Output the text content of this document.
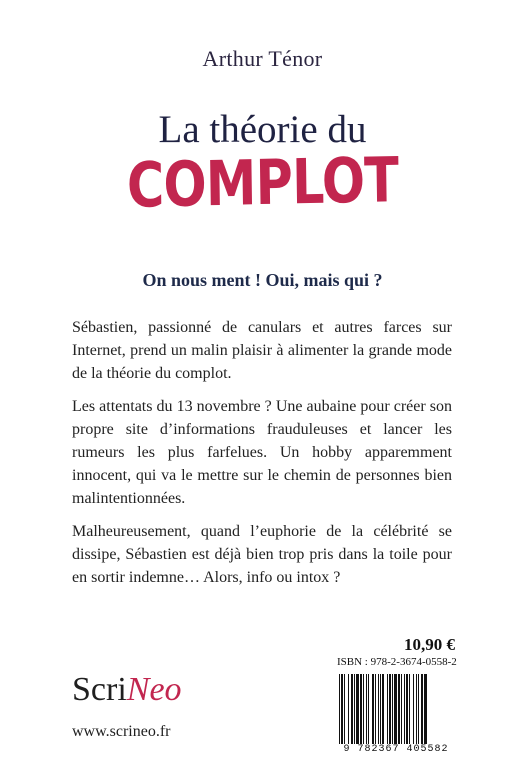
Arthur Ténor
La théorie du
COMPLOT
On nous ment ! Oui, mais qui ?

Sébastien, passionné de canulars et autres farces sur Internet, prend un malin plaisir à alimenter la grande mode de la théorie du complot.

Les attentats du 13 novembre ? Une aubaine pour créer son propre site d’informations frauduleuses et lancer les rumeurs les plus farfelues. Un hobby apparemment innocent, qui va le mettre sur le chemin de personnes bien malintentionnées.

Malheureusement, quand l’euphorie de la célébrité se dissipe, Sébastien est déjà bien trop pris dans la toile pour en sortir indemne… Alors, info ou intox ?

10,90 €
ISBN : 978-2-3674-0558-2
9 782367 405582
ScriNeo
www.scrineo.fr
